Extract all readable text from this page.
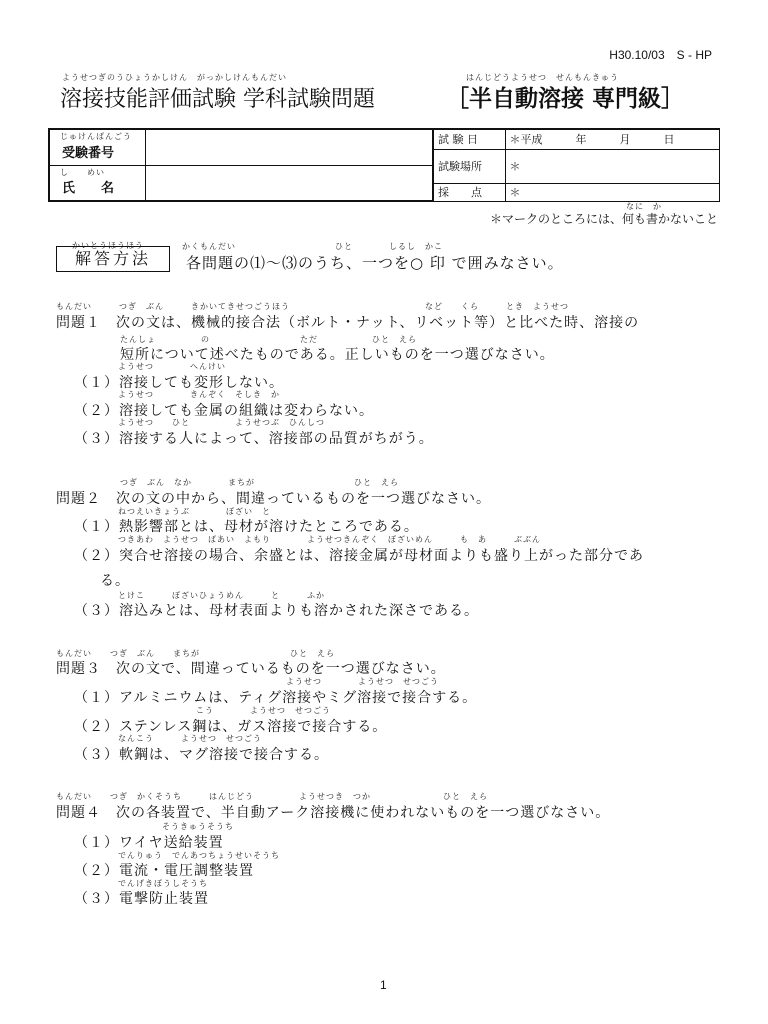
H30.10/03　S - HP
ようせつぎのうひょうかしけん　がっかしけんもんだい
溶接技能評価試験 学科試験問題
はんじどうようせつ　せんもんきゅう
［半自動溶接 専門級］
じゅけんばんごう
受験番号		試 験 日	＊平成　　　年　　　月　　　日
		試験場所	＊

し　　めい
氏　　名			

		採　　点	＊
なに　か
＊マークのところには、何も書かないこと
かいとうほうほう
解答方法
かくもんだい　　　　　　　　　　　ひと　　　　しるし　かこ
各問題の⑴～⑶のうち、一つを○ 印 で囲みなさい。
もんだい　　　つぎ　ぶん　　　きかいてきせつごうほう　　　　　　　　　　　　　　　など　　くら　　　とき　ようせつ
問題１　次の文は、機械的接合法（ボルト・ナット、リベット等）と比べた時、溶接の
たんしょ　　　　　の　　　　　　　　　　ただ　　　　　　ひと　えら
短所について述べたものである。正しいものを一つ選びなさい。
ようせつ　　　　へんけい
（１）溶接しても変形しない。
ようせつ　　　　きんぞく　そしき　か
（２）溶接しても金属の組織は変わらない。
ようせつ　　ひと　　　　　ようせつぶ　ひんしつ
（３）溶接する人によって、溶接部の品質がちがう。
つぎ　ぶん　なか　　　　まちが　　　　　　　　　　　ひと　えら
問題２　次の文の中から、間違っているものを一つ選びなさい。
ねつえいきょうぶ　　　　ぼざい　と
（１）熱影響部とは、母材が溶けたところである。
つきあわ　ようせつ　ばあい　よもり　　　　ようせつきんぞく　ぼざいめん　　　も　あ　　　ぶぶん
（２）突合せ溶接の場合、余盛とは、溶接金属が母材面よりも盛り上がった部分であ
る。
とけこ　　　ぼざいひょうめん　　　と　　　ふか
（３）溶込みとは、母材表面よりも溶かされた深さである。
もんだい　　つぎ　ぶん　　まちが　　　　　　　　　　ひと　えら
問題３　次の文で、間違っているものを一つ選びなさい。
ようせつ　　　　ようせつ　せつごう
（１）アルミニウムは、ティグ溶接やミグ溶接で接合する。
こう　　　　ようせつ　せつごう
（２）ステンレス鋼は、ガス溶接で接合する。
なんこう　　　ようせつ　せつごう
（３）軟鋼は、マグ溶接で接合する。
もんだい　　つぎ　かくそうち　　　はんじどう　　　　　ようせつき　つか　　　　　　　　ひと　えら
問題４　次の各装置で、半自動アーク溶接機に使われないものを一つ選びなさい。
そうきゅうそうち
（１）ワイヤ送給装置
でんりゅう　でんあつちょうせいそうち
（２）電流・電圧調整装置
でんげきぼうしそうち
（３）電撃防止装置
1
